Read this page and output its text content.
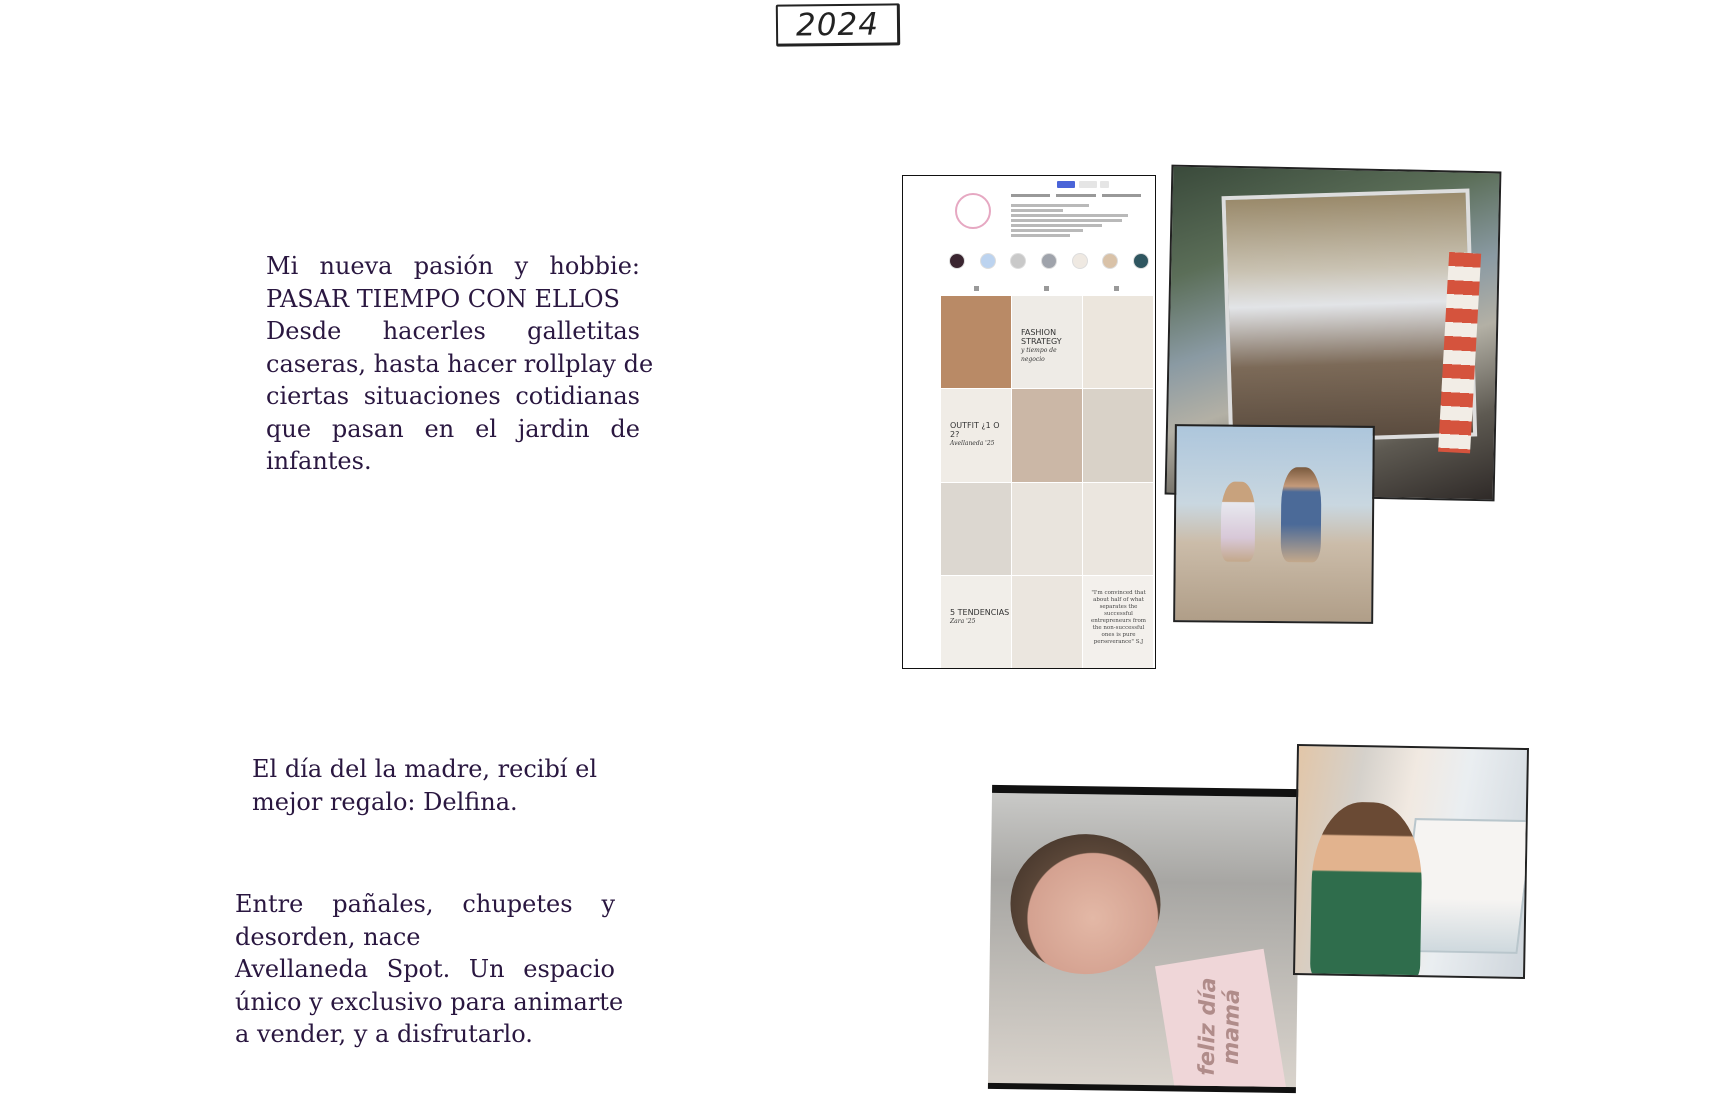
2024
Mi nueva pasión y hobbie:
PASAR TIEMPO CON ELLOS
Desde hacerles galletitas
caseras, hasta hacer rollplay de
ciertas situaciones cotidianas
que pasan en el jardin de
infantes.
El día del la madre, recibí el
mejor regalo: Delfina.
Entre pañales, chupetes y
desorden, nace
Avellaneda Spot. Un espacio
único y exclusivo para animarte
a vender, y a disfrutarlo.
FASHION STRATEGY
y tiempo de negocio
OUTFIT ¿1 O 2?
Avellaneda '25
5 TENDENCIAS
Zara '25
"I'm convinced that about half of what separates the successful entrepreneurs from the non-successful ones is pure perseverance" S.J
feliz día mamá
